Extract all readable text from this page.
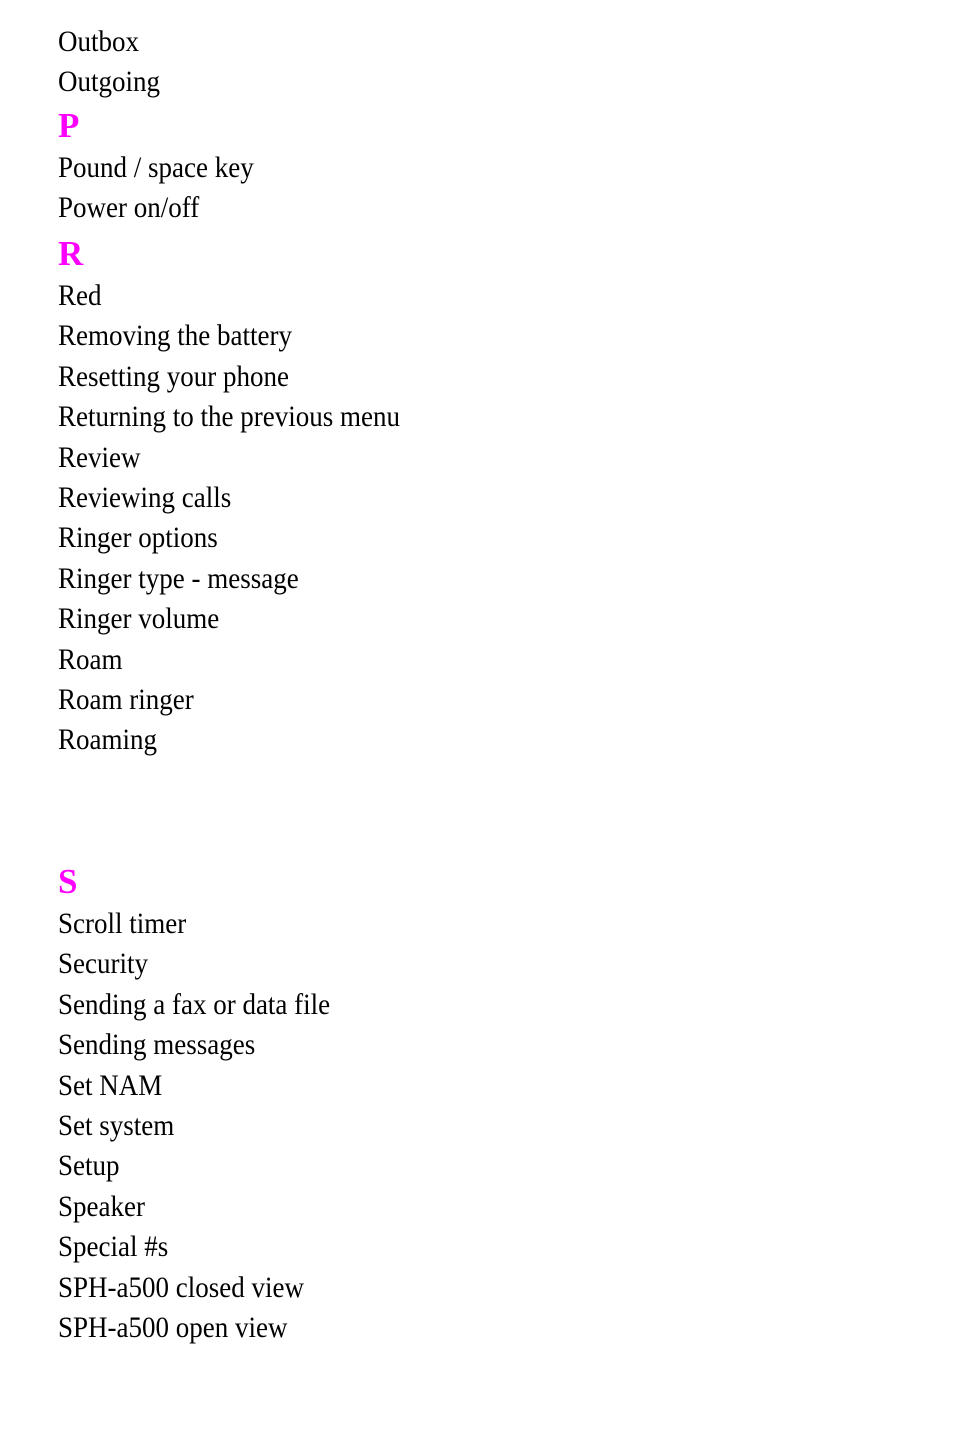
Outbox
Outgoing
P
Pound / space key
Power on/off
R
Red
Removing the battery
Resetting your phone
Returning to the previous menu
Review
Reviewing calls
Ringer options
Ringer type - message
Ringer volume
Roam
Roam ringer
Roaming
S
Scroll timer
Security
Sending a fax or data file
Sending messages
Set NAM
Set system
Setup
Speaker
Special #s
SPH-a500 closed view
SPH-a500 open view
